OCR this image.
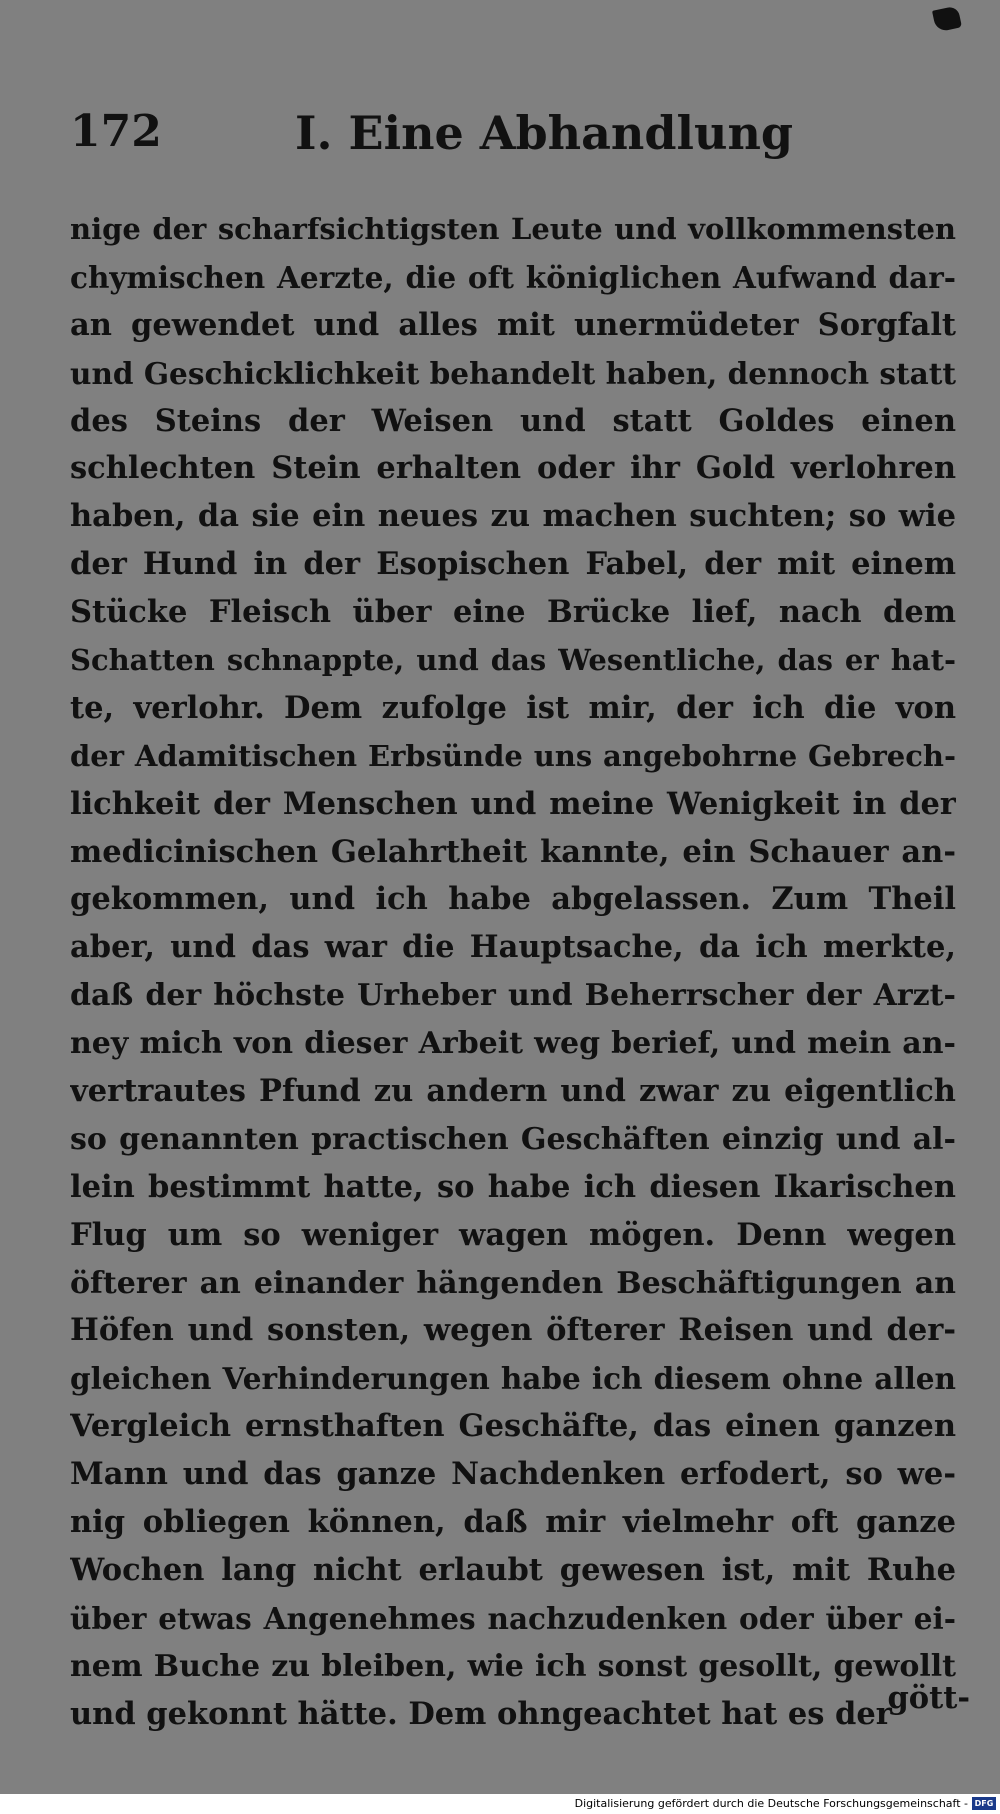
172	I. Eine Abhandlung
nige der scharfsichtigsten Leute und vollkommensten
chymischen Aerzte, die oft königlichen Aufwand dar-
an gewendet und alles mit unermüdeter Sorgfalt
und Geschicklichkeit behandelt haben, dennoch statt
des Steins der Weisen und statt Goldes einen
schlechten Stein erhalten oder ihr Gold verlohren
haben, da sie ein neues zu machen suchten; so wie
der Hund in der Esopischen Fabel, der mit einem
Stücke Fleisch über eine Brücke lief, nach dem
Schatten schnappte, und das Wesentliche, das er hat-
te, verlohr. Dem zufolge ist mir, der ich die von
der Adamitischen Erbsünde uns angebohrne Gebrech-
lichkeit der Menschen und meine Wenigkeit in der
medicinischen Gelahrtheit kannte, ein Schauer an-
gekommen, und ich habe abgelassen. Zum Theil
aber, und das war die Hauptsache, da ich merkte,
daß der höchste Urheber und Beherrscher der Arzt-
ney mich von dieser Arbeit weg berief, und mein an-
vertrautes Pfund zu andern und zwar zu eigentlich
so genannten practischen Geschäften einzig und al-
lein bestimmt hatte, so habe ich diesen Ikarischen
Flug um so weniger wagen mögen. Denn wegen
öfterer an einander hängenden Beschäftigungen an
Höfen und sonsten, wegen öfterer Reisen und der-
gleichen Verhinderungen habe ich diesem ohne allen
Vergleich ernsthaften Geschäfte, das einen ganzen
Mann und das ganze Nachdenken erfodert, so we-
nig obliegen können, daß mir vielmehr oft ganze
Wochen lang nicht erlaubt gewesen ist, mit Ruhe
über etwas Angenehmes nachzudenken oder über ei-
nem Buche zu bleiben, wie ich sonst gesollt, gewollt
und gekonnt hätte. Dem ohngeachtet hat es der
gött-
Digitalisierung gefördert durch die Deutsche Forschungsgemeinschaft - DFG
